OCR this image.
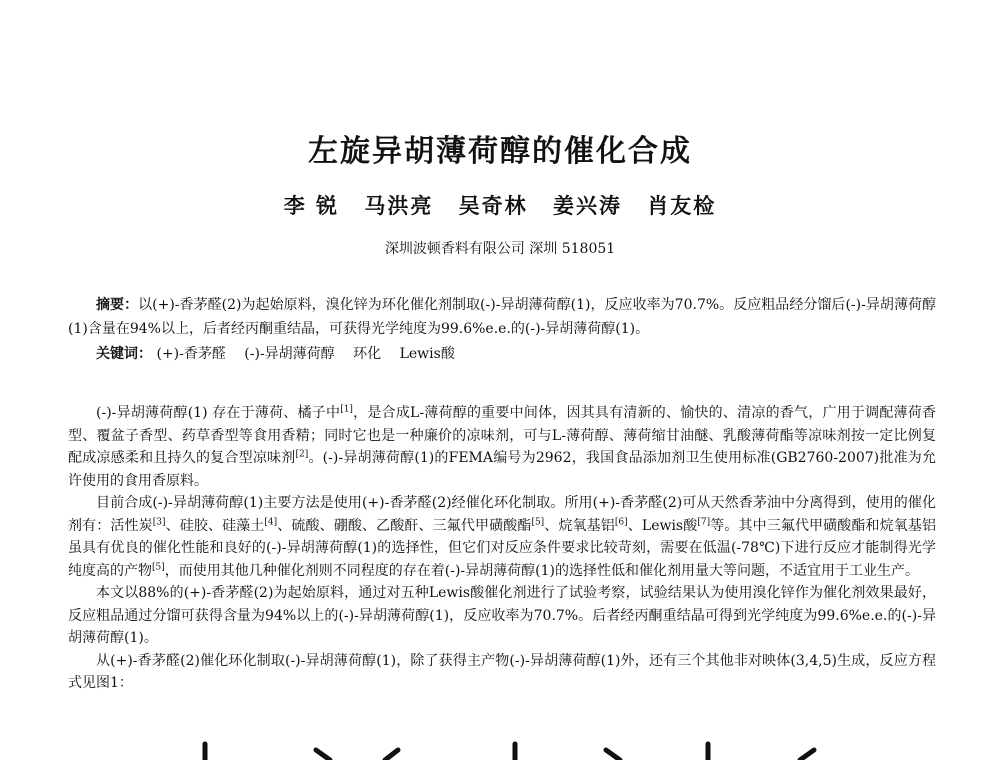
左旋异胡薄荷醇的催化合成
李 锐 马洪亮 吴奇林 姜兴涛 肖友检
深圳波顿香料有限公司 深圳 518051
摘要：以(+)-香茅醛(2)为起始原料，溴化锌为环化催化剂制取(-)-异胡薄荷醇(1)，反应收率为70.7%。反应粗品经分馏后(-)-异胡薄荷醇(1)含量在94%以上，后者经丙酮重结晶，可获得光学纯度为99.6%e.e.的(-)-异胡薄荷醇(1)。
关键词： (+)-香茅醛 (-)-异胡薄荷醇 环化 Lewis酸

(-)-异胡薄荷醇(1) 存在于薄荷、橘子中[1]，是合成L-薄荷醇的重要中间体，因其具有清新的、愉快的、清凉的香气，广用于调配薄荷香型、覆盆子香型、药草香型等食用香精；同时它也是一种廉价的凉味剂，可与L-薄荷醇、薄荷缩甘油醚、乳酸薄荷酯等凉味剂按一定比例复配成凉感柔和且持久的复合型凉味剂[2]。(-)-异胡薄荷醇(1)的FEMA编号为2962，我国食品添加剂卫生使用标准(GB2760-2007)批准为允许使用的食用香原料。

目前合成(-)-异胡薄荷醇(1)主要方法是使用(+)-香茅醛(2)经催化环化制取。所用(+)-香茅醛(2)可从天然香茅油中分离得到，使用的催化剂有：活性炭[3]、硅胶、硅藻土[4]、硫酸、硼酸、乙酸酐、三氟代甲磺酸酯[5]、烷氧基铝[6]、Lewis酸[7]等。其中三氟代甲磺酸酯和烷氧基铝虽具有优良的催化性能和良好的(-)-异胡薄荷醇(1)的选择性，但它们对反应条件要求比较苛刻，需要在低温(-78℃)下进行反应才能制得光学纯度高的产物[5]，而使用其他几种催化剂则不同程度的存在着(-)-异胡薄荷醇(1)的选择性低和催化剂用量大等问题，不适宜用于工业生产。

本文以88%的(+)-香茅醛(2)为起始原料，通过对五种Lewis酸催化剂进行了试验考察，试验结果认为使用溴化锌作为催化剂效果最好，反应粗品通过分馏可获得含量为94%以上的(-)-异胡薄荷醇(1)，反应收率为70.7%。后者经丙酮重结晶可得到光学纯度为99.6%e.e.的(-)-异胡薄荷醇(1)。

从(+)-香茅醛(2)催化环化制取(-)-异胡薄荷醇(1)，除了获得主产物(-)-异胡薄荷醇(1)外，还有三个其他非对映体(3,4,5)生成，反应方程式见图1：
